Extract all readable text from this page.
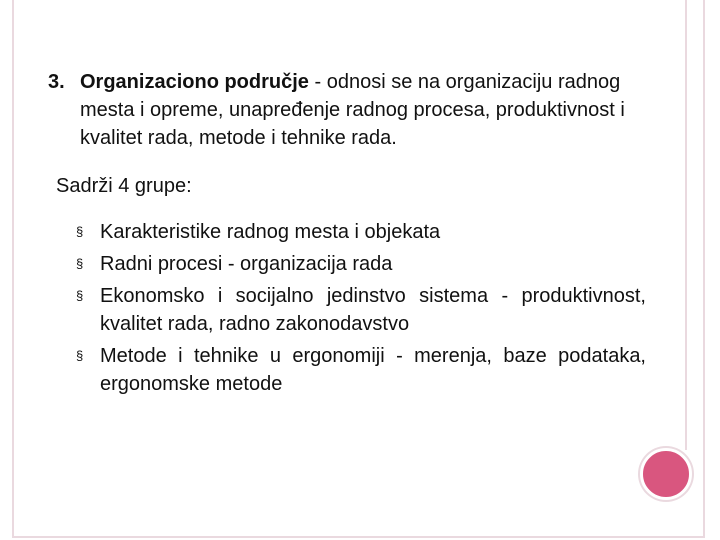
3. Organizaciono područje - odnosi se na organizaciju radnog mesta i opreme, unapređenje radnog procesa, produktivnost i kvalitet rada, metode i tehnike rada.
Sadrži 4 grupe:
§ Karakteristike radnog mesta i objekata
§ Radni procesi - organizacija rada
§ Ekonomsko i socijalno jedinstvo sistema - produktivnost, kvalitet rada, radno zakonodavstvo
§ Metode i tehnike u ergonomiji - merenja, baze podataka, ergonomske metode
